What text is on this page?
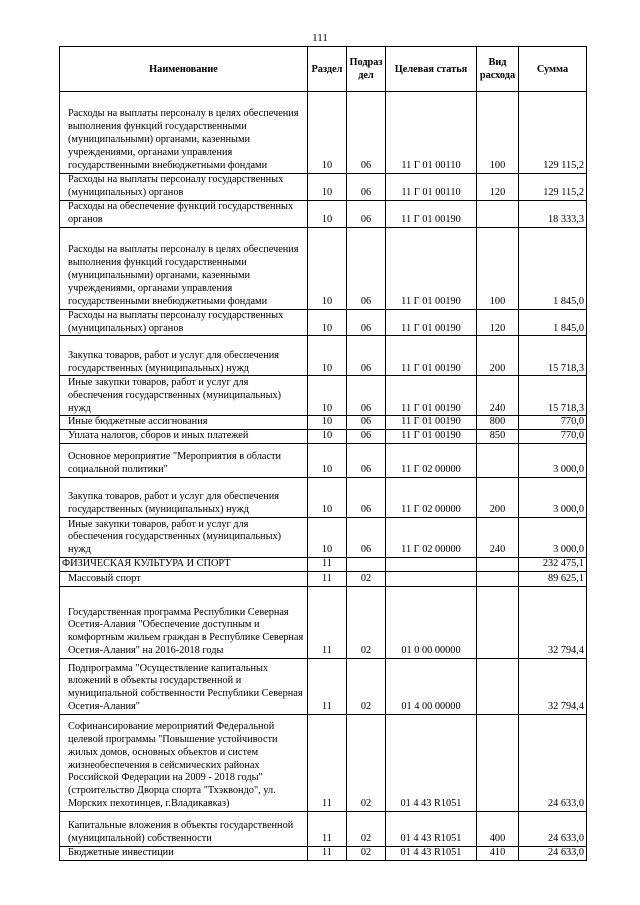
111
Наименование	Раздел	Подраз дел	Целевая статья	Вид расхода	Сумма
Расходы на выплаты персоналу в целях обеспечения выполнения функций государственными (муниципальными) органами, казенными учреждениями, органами управления государственными внебюджетными фондами	10	06	11 Г 01 00110	100	129 115,2
Расходы на выплаты персоналу государственных (муниципальных) органов	10	06	11 Г 01 00110	120	129 115,2
Расходы на обеспечение функций государственных органов	10	06	11 Г 01 00190		18 333,3
Расходы на выплаты персоналу в целях обеспечения выполнения функций государственными (муниципальными) органами, казенными учреждениями, органами управления государственными внебюджетными фондами	10	06	11 Г 01 00190	100	1 845,0
Расходы на выплаты персоналу государственных (муниципальных) органов	10	06	11 Г 01 00190	120	1 845,0
Закупка товаров, работ и услуг для обеспечения государственных (муниципальных) нужд	10	06	11 Г 01 00190	200	15 718,3
Иные закупки товаров, работ и услуг для обеспечения государственных (муниципальных) нужд	10	06	11 Г 01 00190	240	15 718,3
Иные бюджетные ассигнования	10	06	11 Г 01 00190	800	770,0
Уплата налогов, сборов и иных платежей	10	06	11 Г 01 00190	850	770,0
Основное мероприятие "Мероприятия в области социальной политики"	10	06	11 Г 02 00000		3 000,0
Закупка товаров, работ и услуг для обеспечения государственных (муниципальных) нужд	10	06	11 Г 02 00000	200	3 000,0
Иные закупки товаров, работ и услуг для обеспечения государственных (муниципальных) нужд	10	06	11 Г 02 00000	240	3 000,0
ФИЗИЧЕСКАЯ КУЛЬТУРА И СПОРТ	11				232 475,1
Массовый спорт	11	02			89 625,1
Государственная программа Республики Северная Осетия-Алания "Обеспечение доступным и комфортным жильем граждан в Республике Северная Осетия-Алания" на 2016-2018 годы	11	02	01 0 00 00000		32 794,4
Подпрограмма "Осуществление капитальных вложений в объекты государственной и муниципальной собственности Республики Северная Осетия-Алания"	11	02	01 4 00 00000		32 794,4
Софинансирование мероприятий Федеральной целевой программы "Повышение устойчивости жилых домов, основных объектов и систем жизнеобеспечения в сейсмических районах Российской Федерации на 2009 - 2018 годы" (строительство Дворца спорта "Тхэквондо", ул. Морских пехотинцев, г.Владикавказ)	11	02	01 4 43 R1051		24 633,0
Капитальные вложения в объекты государственной (муниципальной) собственности	11	02	01 4 43 R1051	400	24 633,0
Бюджетные инвестиции	11	02	01 4 43 R1051	410	24 633,0
